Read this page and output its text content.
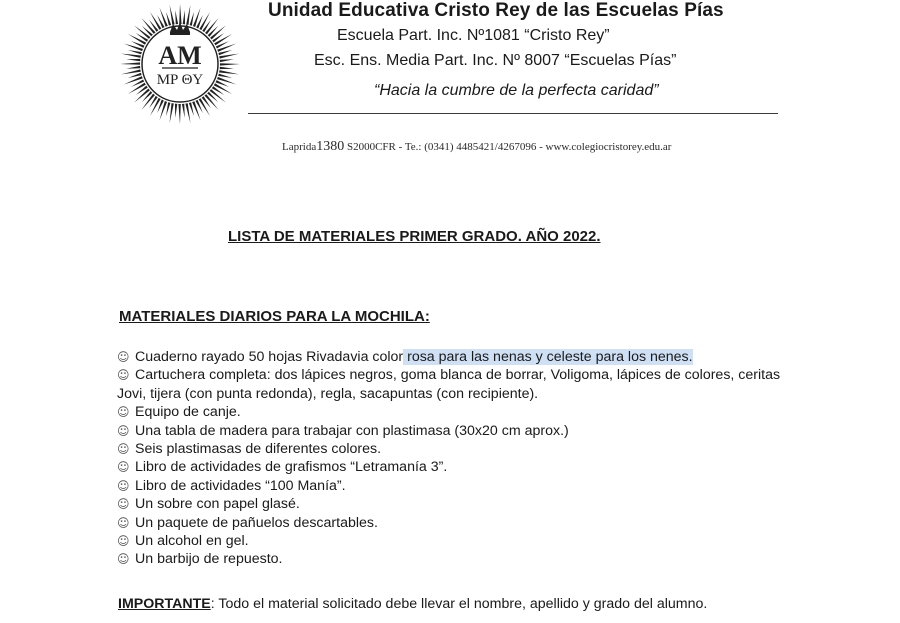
AM
MP ΘY
Unidad Educativa Cristo Rey de las Escuelas Pías
Escuela Part. Inc. Nº1081 “Cristo Rey”
Esc. Ens. Media Part. Inc. Nº 8007 “Escuelas Pías”
“Hacia la cumbre de la perfecta caridad”
Laprida1380 S2000CFR - Te.: (0341) 4485421/4267096 - www.colegiocristorey.edu.ar
LISTA DE MATERIALES PRIMER GRADO. AÑO 2022.
MATERIALES DIARIOS PARA LA MOCHILA:
☺ Cuaderno rayado 50 hojas Rivadavia color rosa para las nenas y celeste para los nenes.
☺ Cartuchera completa: dos lápices negros, goma blanca de borrar, Voligoma, lápices de colores, ceritas Jovi, tijera (con punta redonda), regla, sacapuntas (con recipiente).
☺ Equipo de canje.
☺ Una tabla de madera para trabajar con plastimasa (30x20 cm aprox.)
☺ Seis plastimasas de diferentes colores.
☺ Libro de actividades de grafismos “Letramanía 3”.
☺ Libro de actividades “100 Manía”.
☺ Un sobre con papel glasé.
☺ Un paquete de pañuelos descartables.
☺ Un alcohol en gel.
☺ Un barbijo de repuesto.
IMPORTANTE: Todo el material solicitado debe llevar el nombre, apellido y grado del alumno.
